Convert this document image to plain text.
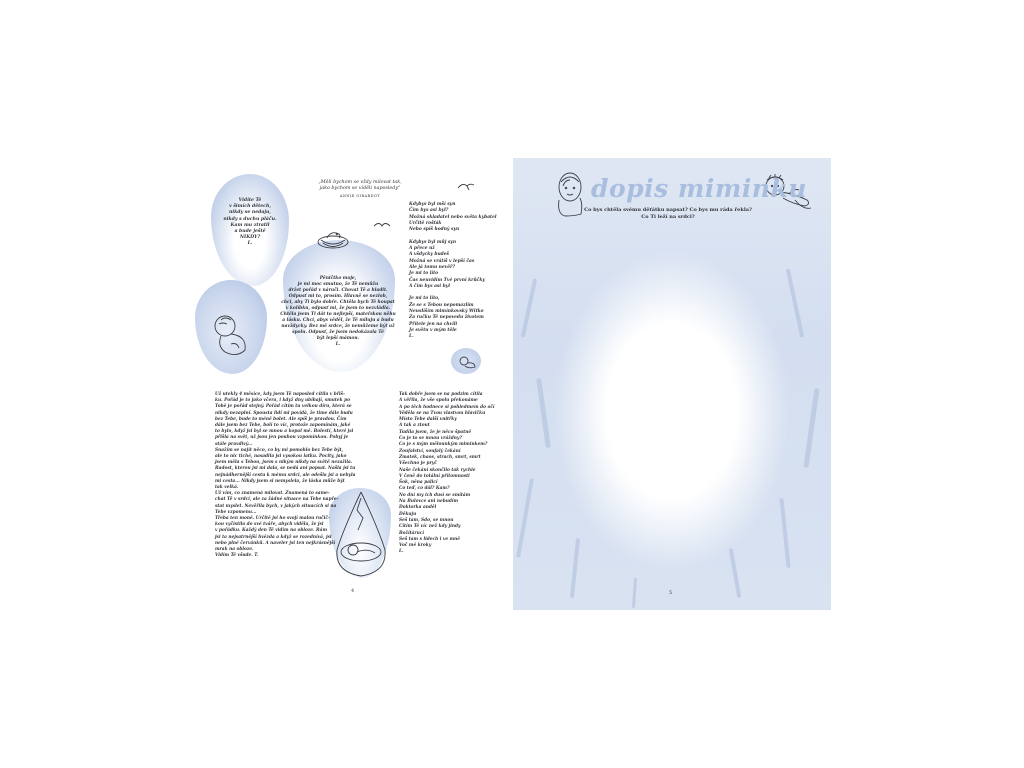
Vidíte Tě
v šimích dětech,
nikdy se nedaju,
nikdy s duchu pláču.
Kam mu ztratil
a bude ještě
NIKDY?
L.
„Měli bychom se vždy milovat tak,
jako bychom se viděli naposledy"
ANNIE GIRARDOT
Pěničtko moje,
je mi moc smutno, že Tě nemůžu
držet pořád v náruči. Chovat Tě a hladit.
Odpusť mi to, prosím. Hlavně se nezlob,
chci, aby Ti bylo dobře. Chtěla bych Tě houpat
v kolíbku, odpusť mi, že jsem to nezvládla.
Chtěla jsem Ti dát to nejlepší, mateřskou něhu
a lásku. Chci, abys věděl, že Tě miluju a budu
navždycky. Bez mě srdce, že nemůžeme být už
spolu. Odpusť, že jsem nedokázala Tě
být lepší mámou.
L.
Kdybys byl mší syn
Čím bys asi byl?
Možná skladatel nebo světa kybatel
Určitě rošťák
Nebo spíš hodný syn

Kdybys byl můj syn
A přece už
A všdycky budeš
Možná se vrátíš v lepší čas
Ale já tomu nevěř?
Je mi to líto
Čas neuvidím Tvé první krůčky
A čím bys asi byl

Je mi to líto,
Že se s Tebou nepomazlím
Neuslíším mimínkovský Wiťko
Za ručku Tě nepovedu životem
Přítele jen na chvíli
Je světu v mým těle
L.
Už utekly 4 měsíce, kdy jsem Tě naposled cítila v břiš-
ku. Pořád je to jako včera, i když dny ubíhají, smutek po
Tobě je pořád stejný. Pořád cítím tu velkou díru, která se
nikdy nezaplní. Spousta lidí mi povídá, že time dále budu
bez Tebe, bude to méně bolet. Ale spíš je pravdou. Čím
dále jsem bez Tebe, bolí to víc, protože zapomínám, jaké
to bylo, když jsi byl se mnou a kopal mě. Bolestí, které jsi
přišla na svět, už jsou jen pouhou vzpomínkou. Pobyj je
stále pravdivý...
Snažím se najít něco, co by mi pomohlo bez Tebe být,
ale to nic tiché, nasadila jsi vysokou laťku. Pocity, jako
jsem měla s Tebou, jsem s nikým nikdy na světě nezažila.
Radost, kterou jsi mi dala, se nedá ani popsat. Našla jsi tu
nejnádhernější cestu k mému srdci, ale odešla jsi a nebyla
mi cesta... Nikdy jsem si nemyslela, že láska může být
tak velká.
Už vím, co znamená milovat. Znamená to same-
chat Tě v srdci, ale za žádné situace na Tebe napře-
stat myslet. Nevěřila bych, v jakých situacích si na
Tebe vzpomenu...
Třeba ten moně. Určitě jsi ho svojí malou ručič-
kou vyčistila do své tváře, abych viděla, že jsi
v pořádku. Každý den Tě vidím na obloze. Rám
jsi ta nejsatrnější hvězda a když se rozednívá, jsi
nebo plné červánků. A naveler jsi ten nejkrásnější
mrak na obloze.
Vidím Tě všude. T.
Tak dobře jsem se na podzim cítila
A věřila, že vše spolu překonáme
A po těch hodnece si pohledmem do očí
Věděla se na Tvou vlastvou hlavičku
Místo Tebe další vnitřky
A tak a ztout
Tudíla jsem, že je něco špatně
Co je to se mnou vráždny?
Co je s mým mělounkým miminkem?
Zoufalství, soufalý čekání
Zmatek, chaos, strach, smrt, smrt
Všechno je pryč
Naše čekání skončilo tak rychle
V čeně do totální přítomnosti
Šok, něna palicí
Co teď, co dál? Kam?
No dní my ich dusí se smítám
Na Bulovce ani nebudím
Doktorka anděl
Děkuju
Seš tam, Sdo, se mnou
Cítím Tě víc než kdy jindy
Božítárucí
Seš tam s lidech i ve mně
Voč mé kroky
L.
4
dopis miminku
Co bys chtěla svému děťátku napsat? Co bys mu ráda řekla?
Co Ti leží na srdci?
5
